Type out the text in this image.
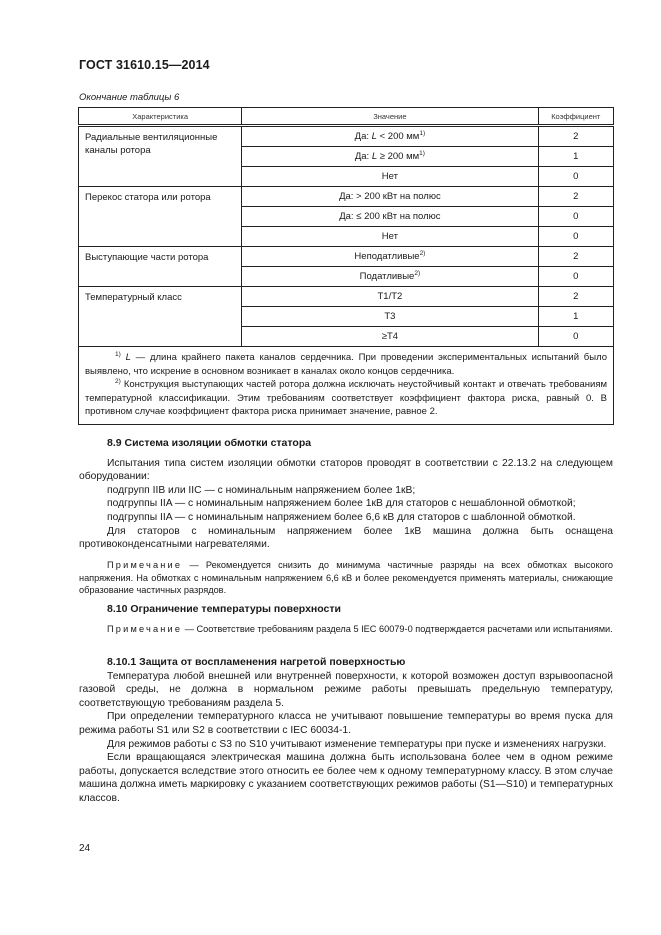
ГОСТ 31610.15—2014
Окончание таблицы 6
Характеристика	Значение	Коэффициент
Радиальные вентиляционные каналы ротора	Да: L < 200 $мм^{1)}$	2
	Да: L ≥ 200 $мм^{1)}$	1
	Нет	0
Перекос статора или ротора	Да: > 200 кВт на полюс	2
	Да: ≤ 200 кВт на полюс	0
	Нет	0
Выступающие части ротора	Неподатливые$^{2)}$	2
	Податливые$^{2)}$	0
Температурный класс	T1/T2	2
	T3	1
	≥T4	0

$^{1)}$ L — длина крайнего пакета каналов сердечника. При проведении экспериментальных испытаний было выявлено, что искрение в основном возникает в каналах около концов сердечника.

$^{2)}$ Конструкция выступающих частей ротора должна исключать неустойчивый контакт и отвечать требованиям температурной классификации. Этим требованиям соответствует коэффициент фактора риска, равный 0. В противном случае коэффициент фактора риска принимает значение, равное 2.		

8.9 Система изоляции обмотки статора

Испытания типа систем изоляции обмотки статоров проводят в соответствии с 22.13.2 на следующем оборудовании:

подгрупп IIB или IIC — с номинальным напряжением более 1кВ;

подгруппы IIA — с номинальным напряжением более 1кВ для статоров с нешаблонной обмоткой;

подгруппы IIA — с номинальным напряжением более 6,6 кВ для статоров с шаблонной обмоткой.

Для статоров с номинальным напряжением более 1кВ машина должна быть оснащена противоконденсатными нагревателями.

Примечание — Рекомендуется снизить до минимума частичные разряды на всех обмотках высокого напряжения. На обмотках с номинальным напряжением 6,6 кВ и более рекомендуется применять материалы, снижающие образование частичных разрядов.

8.10 Ограничение температуры поверхности

Примечание — Соответствие требованиям раздела 5 IEC 60079-0 подтверждается расчетами или испытаниями.

8.10.1 Защита от воспламенения нагретой поверхностью

Температура любой внешней или внутренней поверхности, к которой возможен доступ взрывоопасной газовой среды, не должна в нормальном режиме работы превышать предельную температуру, соответствующую требованиям раздела 5.

При определении температурного класса не учитывают повышение температуры во время пуска для режима работы S1 или S2 в соответствии с IEC 60034-1.

Для режимов работы с S3 по S10 учитывают изменение температуры при пуске и изменениях нагрузки.

Если вращающаяся электрическая машина должна быть использована более чем в одном режиме работы, допускается вследствие этого относить ее более чем к одному температурному классу. В этом случае машина должна иметь маркировку с указанием соответствующих режимов работы (S1—S10) и температурных классов.

24
